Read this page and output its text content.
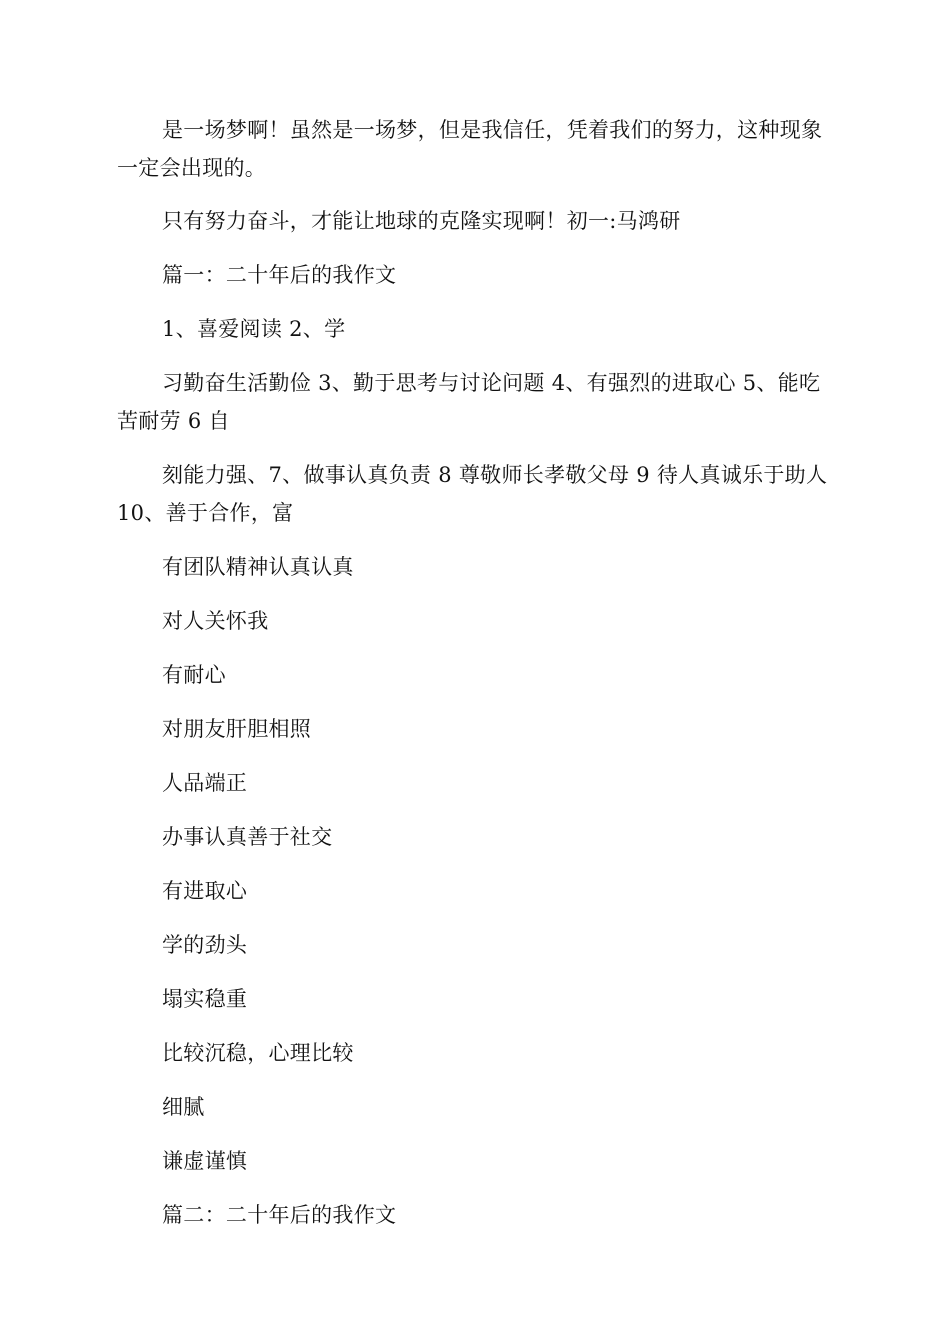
是一场梦啊！虽然是一场梦，但是我信任，凭着我们的努力，这种现象一定会出现的。

只有努力奋斗，才能让地球的克隆实现啊！初一:马鸿研

篇一：二十年后的我作文

1、喜爱阅读 2、学

习勤奋生活勤俭 3、勤于思考与讨论问题 4、有强烈的进取心 5、能吃苦耐劳 6 自

刻能力强、7、做事认真负责 8 尊敬师长孝敬父母 9 待人真诚乐于助人 10、善于合作，富

有团队精神认真认真

对人关怀我

有耐心

对朋友肝胆相照

人品端正

办事认真善于社交

有进取心

学的劲头

塌实稳重

比较沉稳，心理比较

细腻

谦虚谨慎

篇二：二十年后的我作文
